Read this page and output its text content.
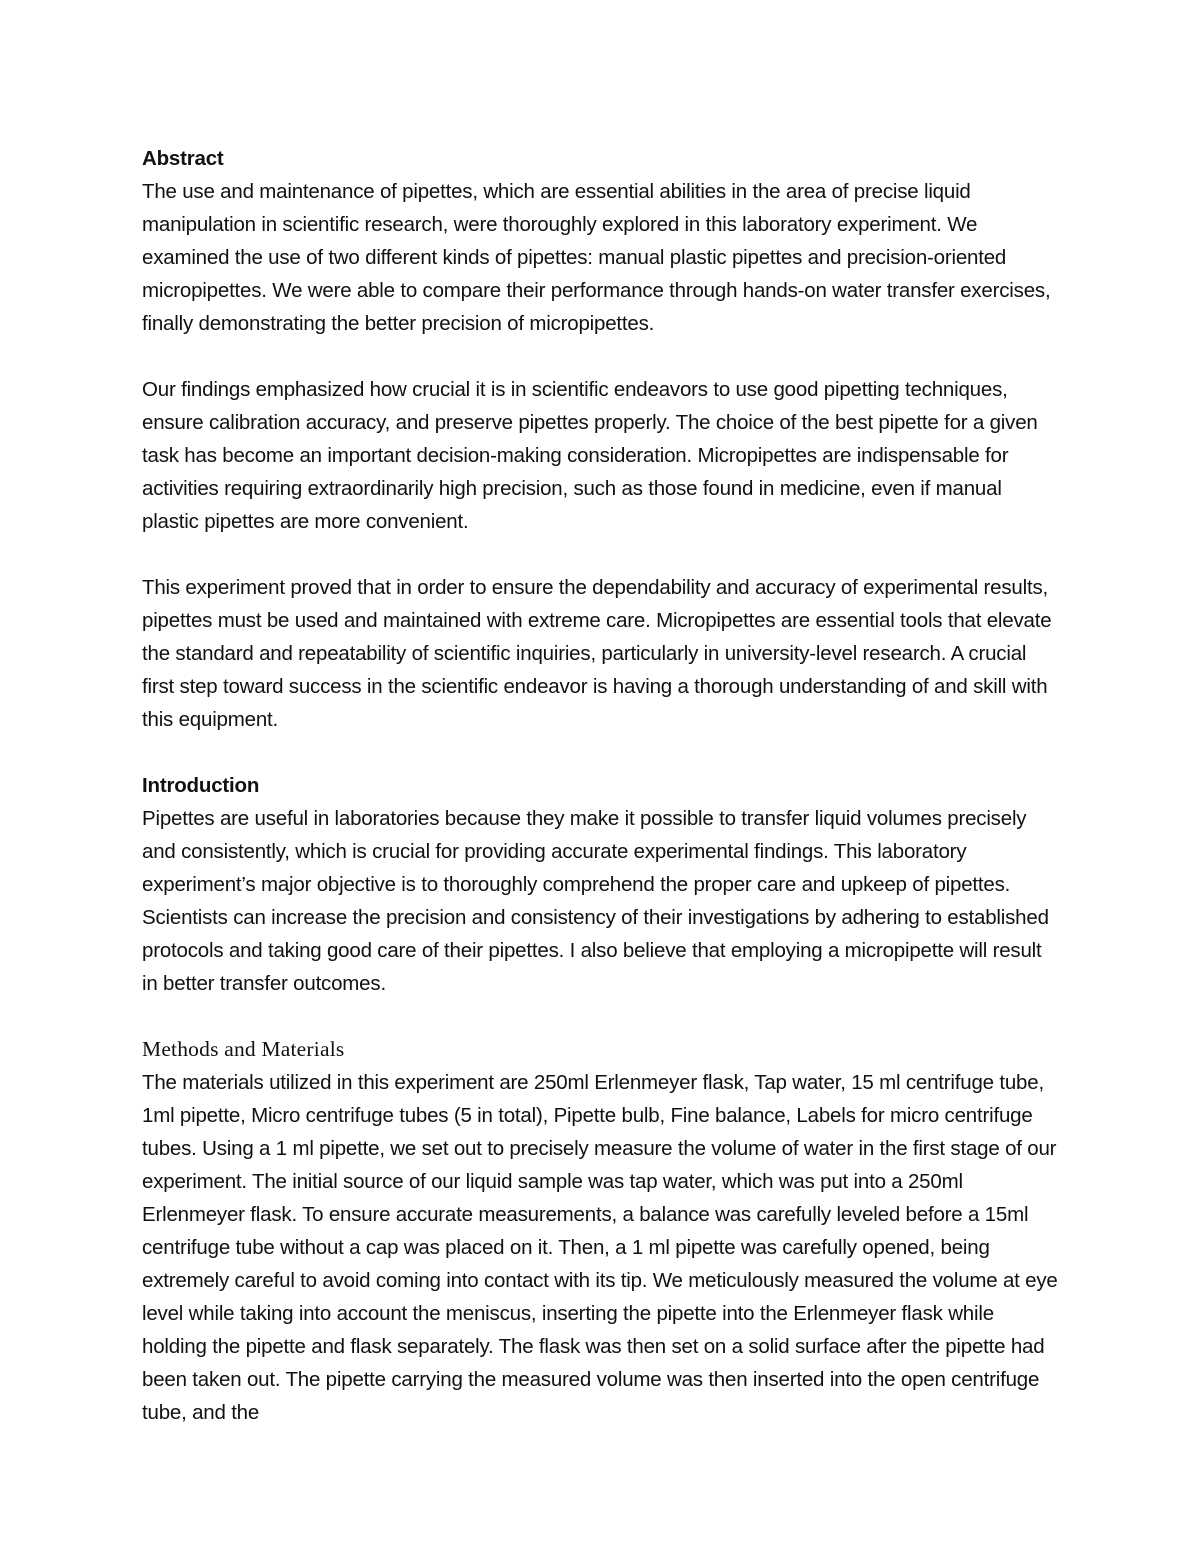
Abstract

The use and maintenance of pipettes, which are essential abilities in the area of precise liquid manipulation in scientific research, were thoroughly explored in this laboratory experiment. We examined the use of two different kinds of pipettes: manual plastic pipettes and precision-oriented micropipettes. We were able to compare their performance through hands-on water transfer exercises, finally demonstrating the better precision of micropipettes.

Our findings emphasized how crucial it is in scientific endeavors to use good pipetting techniques, ensure calibration accuracy, and preserve pipettes properly. The choice of the best pipette for a given task has become an important decision-making consideration. Micropipettes are indispensable for activities requiring extraordinarily high precision, such as those found in medicine, even if manual plastic pipettes are more convenient.

This experiment proved that in order to ensure the dependability and accuracy of experimental results, pipettes must be used and maintained with extreme care. Micropipettes are essential tools that elevate the standard and repeatability of scientific inquiries, particularly in university-level research. A crucial first step toward success in the scientific endeavor is having a thorough understanding of and skill with this equipment.

Introduction

Pipettes are useful in laboratories because they make it possible to transfer liquid volumes precisely and consistently, which is crucial for providing accurate experimental findings. This laboratory experiment’s major objective is to thoroughly comprehend the proper care and upkeep of pipettes. Scientists can increase the precision and consistency of their investigations by adhering to established protocols and taking good care of their pipettes. I also believe that employing a micropipette will result in better transfer outcomes.

Methods and Materials

The materials utilized in this experiment are 250ml Erlenmeyer flask, Tap water, 15 ml centrifuge tube, 1ml pipette, Micro centrifuge tubes (5 in total), Pipette bulb, Fine balance, Labels for micro centrifuge tubes. Using a 1 ml pipette, we set out to precisely measure the volume of water in the first stage of our experiment. The initial source of our liquid sample was tap water, which was put into a 250ml Erlenmeyer flask. To ensure accurate measurements, a balance was carefully leveled before a 15ml centrifuge tube without a cap was placed on it. Then, a 1 ml pipette was carefully opened, being extremely careful to avoid coming into contact with its tip. We meticulously measured the volume at eye level while taking into account the meniscus, inserting the pipette into the Erlenmeyer flask while holding the pipette and flask separately. The flask was then set on a solid surface after the pipette had been taken out. The pipette carrying the measured volume was then inserted into the open centrifuge tube, and the
